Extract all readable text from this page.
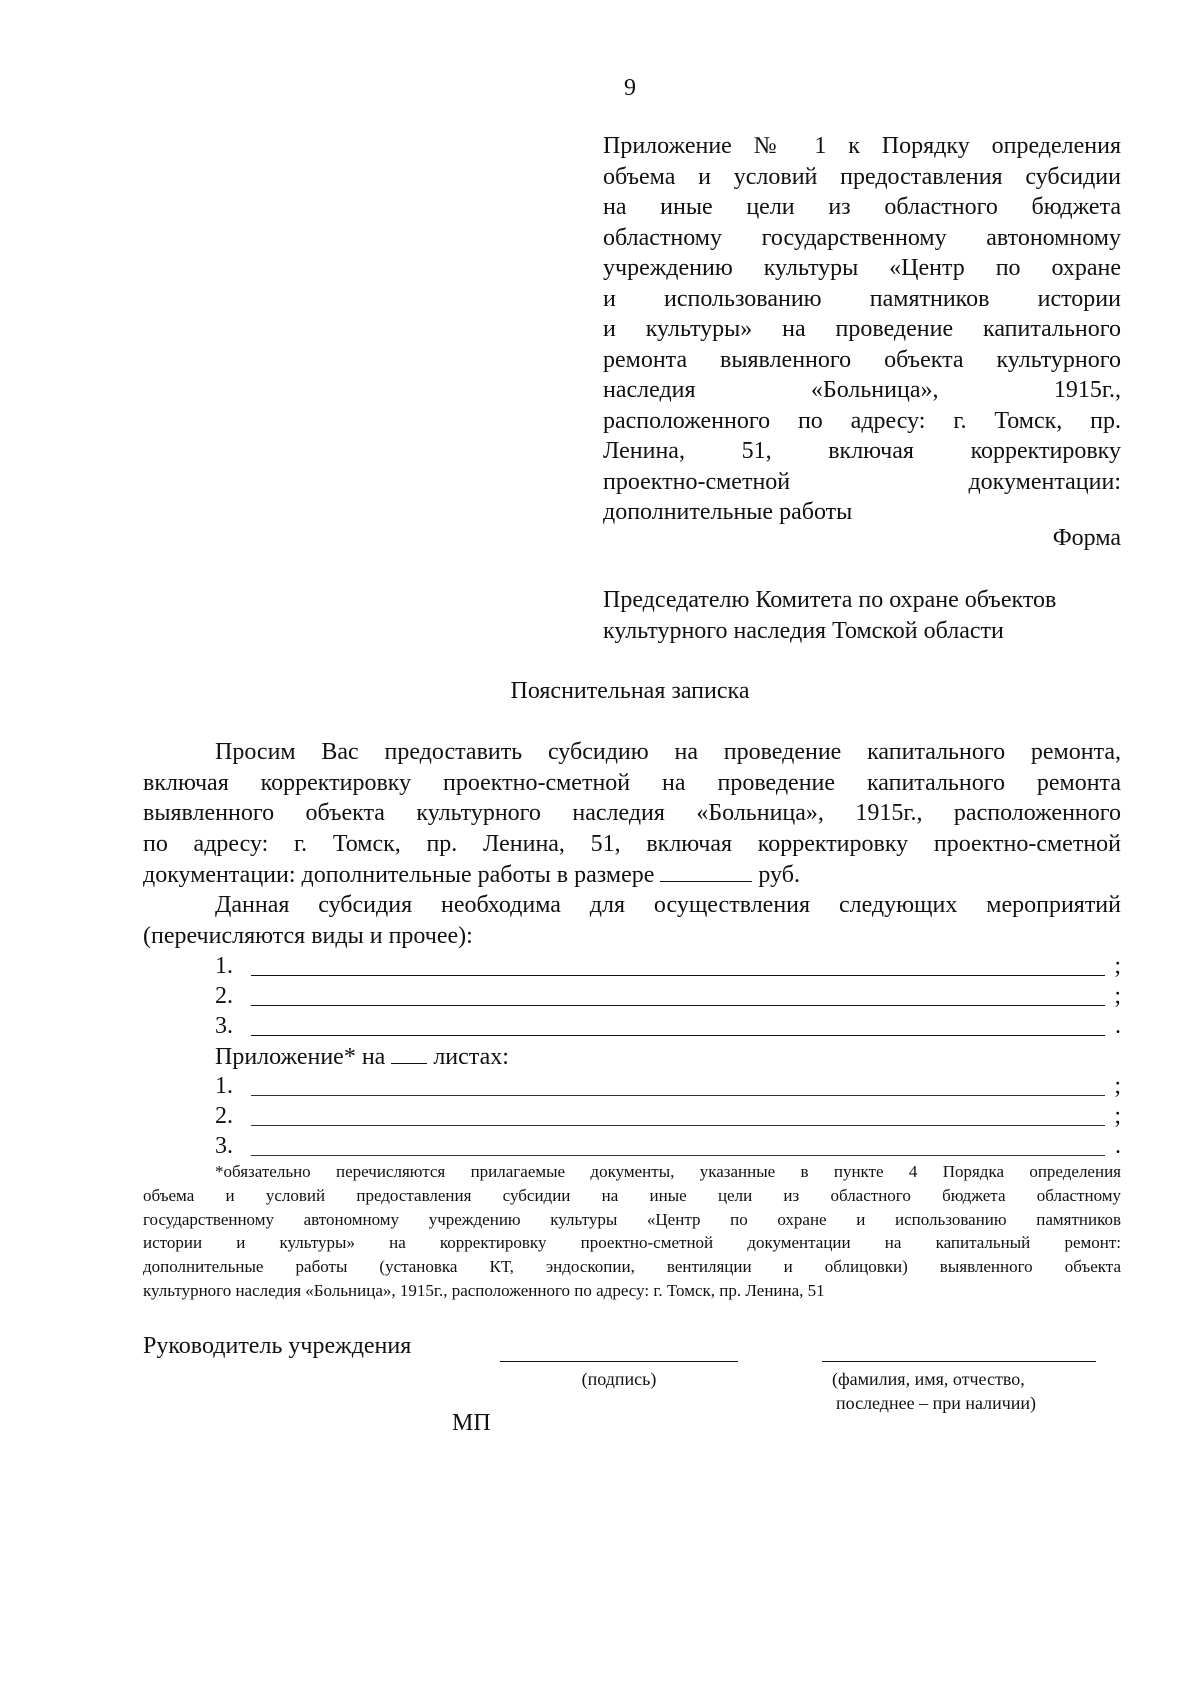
9
Приложение № 1 к Порядку определения
объема и условий предоставления субсидии
на иные цели из областного бюджета
областному государственному автономному
учреждению культуры «Центр по охране
и использованию памятников истории
и культуры» на проведение капитального
ремонта выявленного объекта культурного
наследия «Больница», 1915г.,
расположенного по адресу: г. Томск, пр.
Ленина, 51, включая корректировку
проектно-сметной документации:
дополнительные работы
Форма
Председателю Комитета по охране объектов
культурного наследия Томской области
Пояснительная записка
Просим Вас предоставить субсидию на проведение капитального ремонта,
включая корректировку проектно-сметной на проведение капитального ремонта
выявленного объекта культурного наследия «Больница», 1915г., расположенного
по адресу: г. Томск, пр. Ленина, 51, включая корректировку проектно-сметной
документации: дополнительные работы в размере	руб.
Данная субсидия необходима для осуществления следующих мероприятий
(перечисляются виды и прочее):
1.	;
2.	;
3.	.
Приложение* на листах:
1.	;
2.	;
3.	.
*обязательно перечисляются прилагаемые документы, указанные в пункте 4 Порядка определения
объема и условий предоставления субсидии на иные цели из областного бюджета областному
государственному автономному учреждению культуры «Центр по охране и использованию памятников
истории и культуры» на корректировку проектно-сметной документации на капитальный ремонт:
дополнительные работы (установка КТ, эндоскопии, вентиляции и облицовки) выявленного объекта
культурного наследия «Больница», 1915г., расположенного по адресу: г. Томск, пр. Ленина, 51
Руководитель учреждения
(подпись)	(фамилия, имя, отчество,
последнее – при наличии)
МП
